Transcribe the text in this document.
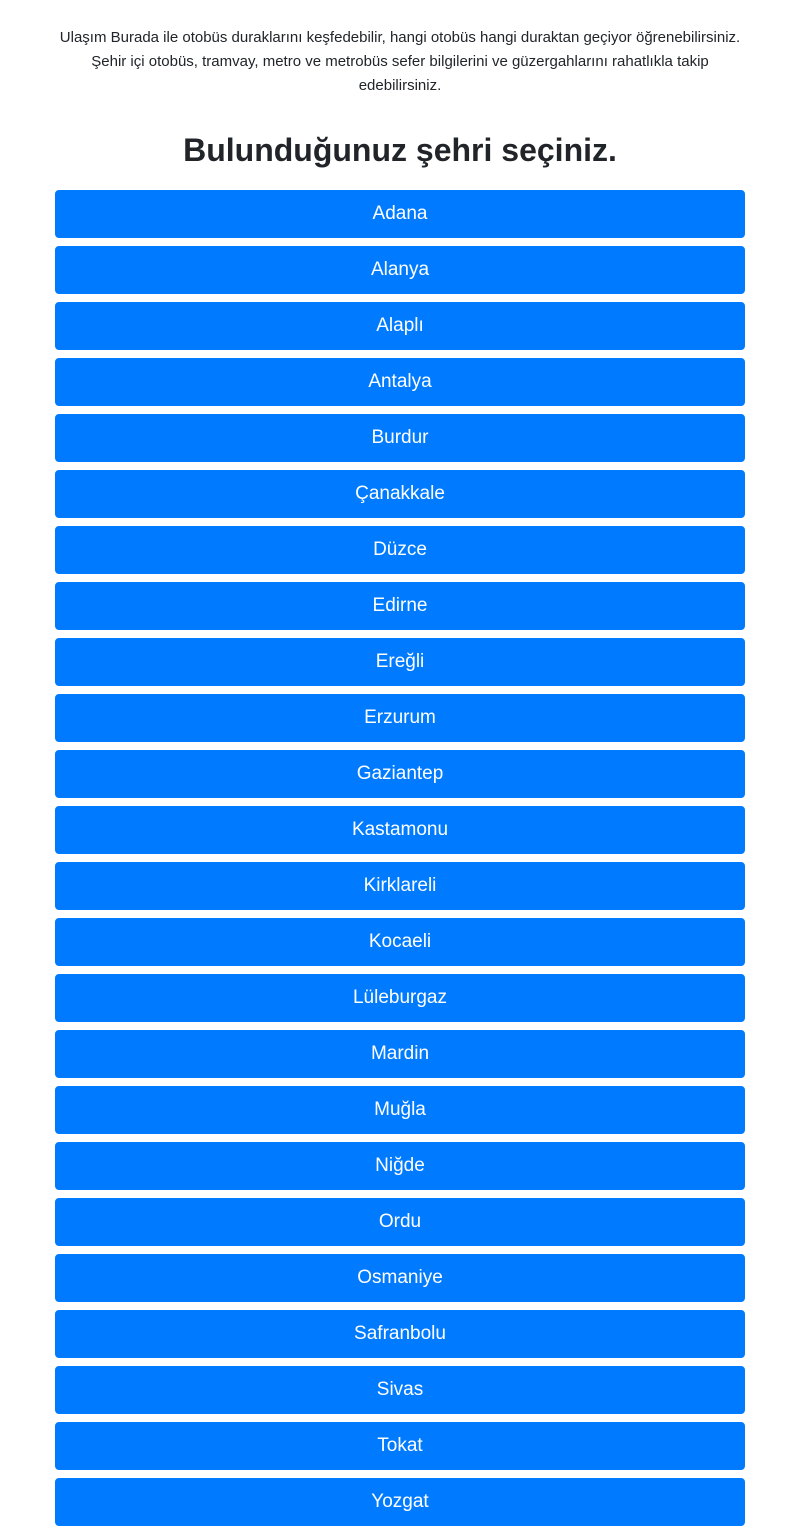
Ulaşım Burada ile otobüs duraklarını keşfedebilir, hangi otobüs hangi duraktan geçiyor öğrenebilirsiniz. Şehir içi otobüs, tramvay, metro ve metrobüs sefer bilgilerini ve güzergahlarını rahatlıkla takip edebilirsiniz.

Bulunduğunuz şehri seçiniz.
Adana
Alanya
Alaplı
Antalya
Burdur
Çanakkale
Düzce
Edirne
Ereğli
Erzurum
Gaziantep
Kastamonu
Kirklareli
Kocaeli
Lüleburgaz
Mardin
Muğla
Niğde
Ordu
Osmaniye
Safranbolu
Sivas
Tokat
Yozgat
